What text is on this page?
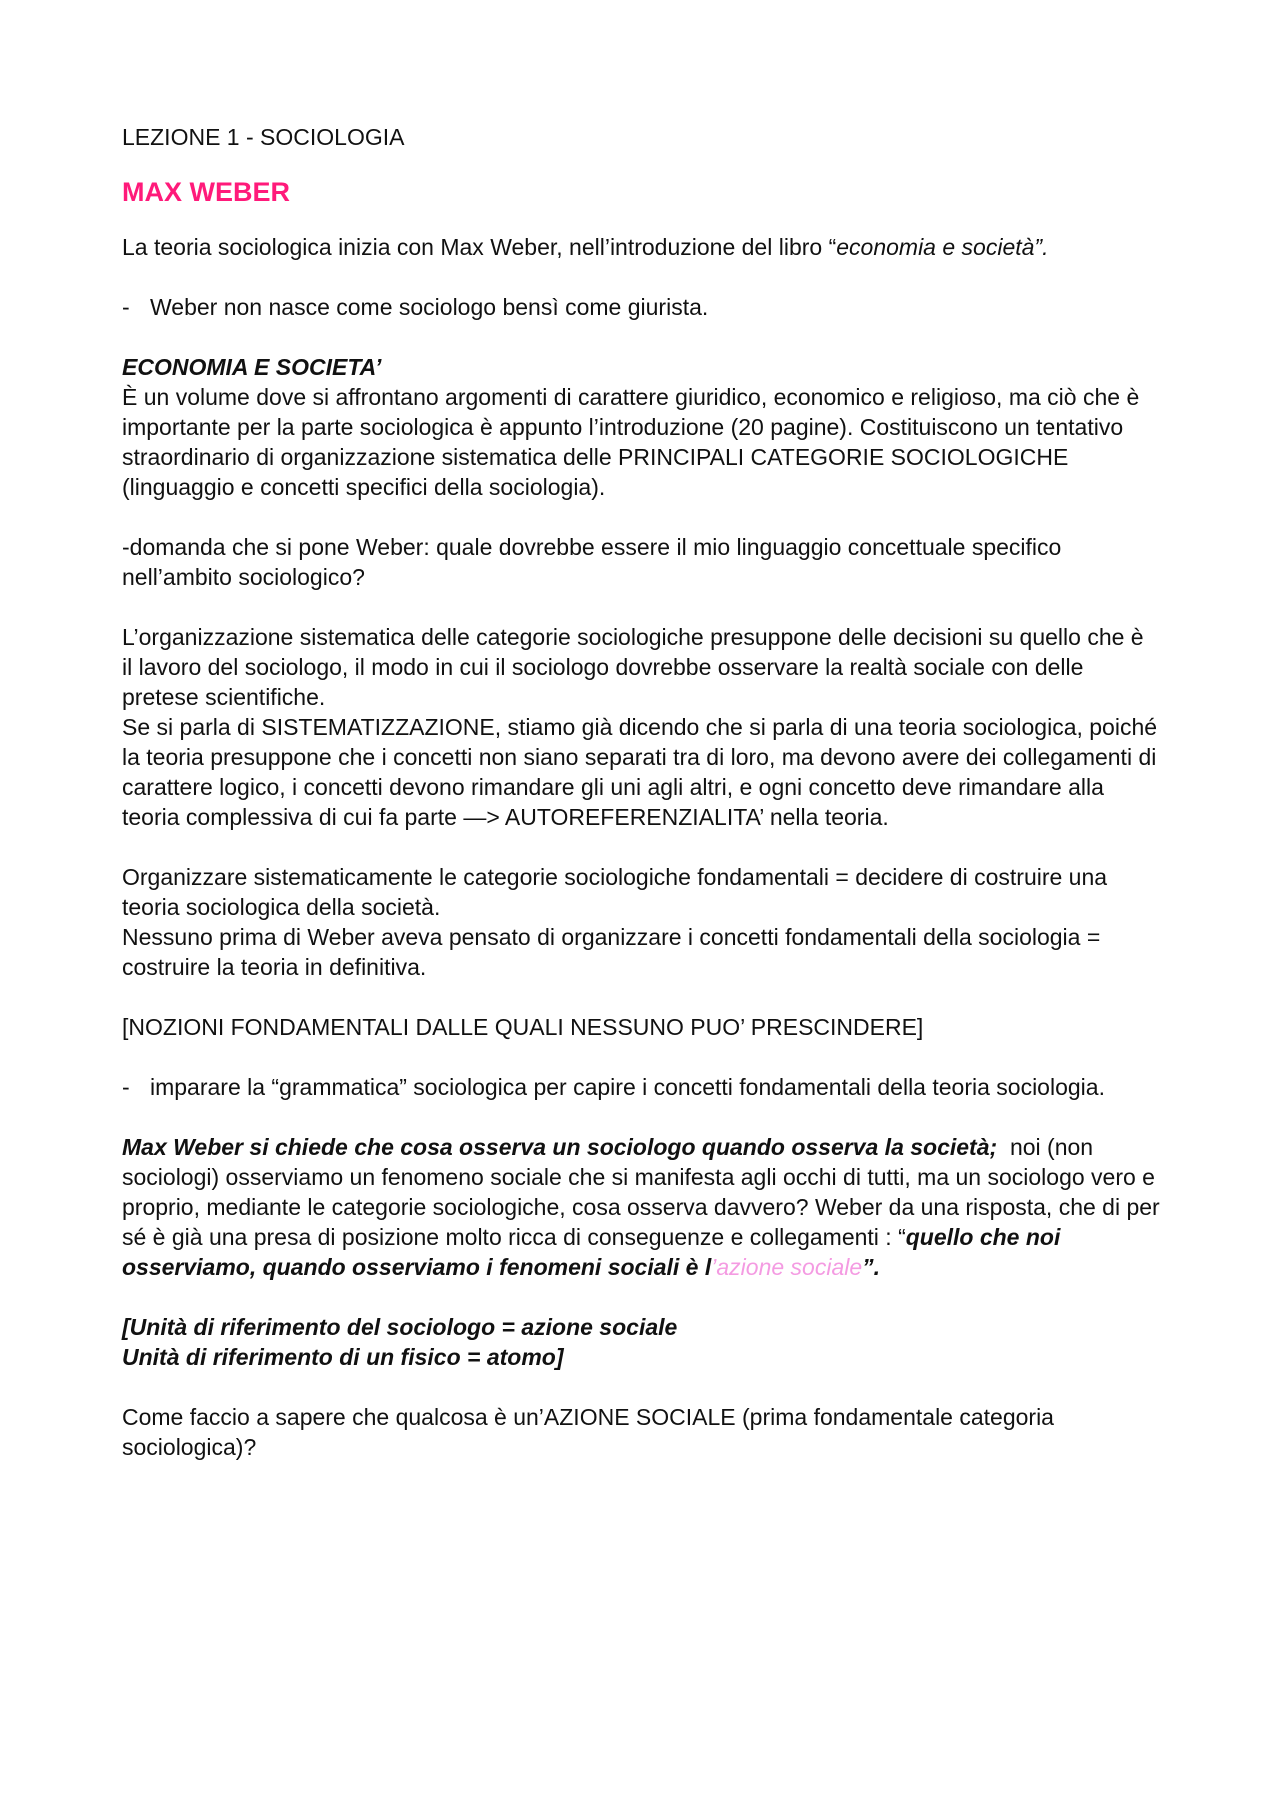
LEZIONE 1 - SOCIOLOGIA
MAX WEBER

La teoria sociologica inizia con Max Weber, nell’introduzione del libro “economia e società”.

- Weber non nasce come sociologo bensì come giurista.

ECONOMIA E SOCIETA’
È un volume dove si affrontano argomenti di carattere giuridico, economico e religioso, ma ciò che è importante per la parte sociologica è appunto l’introduzione (20 pagine). Costituiscono un tentativo straordinario di organizzazione sistematica delle PRINCIPALI CATEGORIE SOCIOLOGICHE (linguaggio e concetti specifici della sociologia).

-domanda che si pone Weber: quale dovrebbe essere il mio linguaggio concettuale specifico nell’ambito sociologico?

L’organizzazione sistematica delle categorie sociologiche presuppone delle decisioni su quello che è il lavoro del sociologo, il modo in cui il sociologo dovrebbe osservare la realtà sociale con delle pretese scientifiche.
Se si parla di SISTEMATIZZAZIONE, stiamo già dicendo che si parla di una teoria sociologica, poiché la teoria presuppone che i concetti non siano separati tra di loro, ma devono avere dei collegamenti di carattere logico, i concetti devono rimandare gli uni agli altri, e ogni concetto deve rimandare alla teoria complessiva di cui fa parte —> AUTOREFERENZIALITA’ nella teoria.

Organizzare sistematicamente le categorie sociologiche fondamentali = decidere di costruire una teoria sociologica della società.
Nessuno prima di Weber aveva pensato di organizzare i concetti fondamentali della sociologia = costruire la teoria in definitiva.

[NOZIONI FONDAMENTALI DALLE QUALI NESSUNO PUO’ PRESCINDERE]

- imparare la “grammatica” sociologica per capire i concetti fondamentali della teoria sociologia.

Max Weber si chiede che cosa osserva un sociologo quando osserva la società;  noi (non sociologi) osserviamo un fenomeno sociale che si manifesta agli occhi di tutti, ma un sociologo vero e proprio, mediante le categorie sociologiche, cosa osserva davvero? Weber da una risposta, che di per sé è già una presa di posizione molto ricca di conseguenze e collegamenti : “quello che noi osserviamo, quando osserviamo i fenomeni sociali è l’azione sociale”.

[Unità di riferimento del sociologo = azione sociale
Unità di riferimento di un fisico = atomo]

Come faccio a sapere che qualcosa è un’AZIONE SOCIALE (prima fondamentale categoria sociologica)?
